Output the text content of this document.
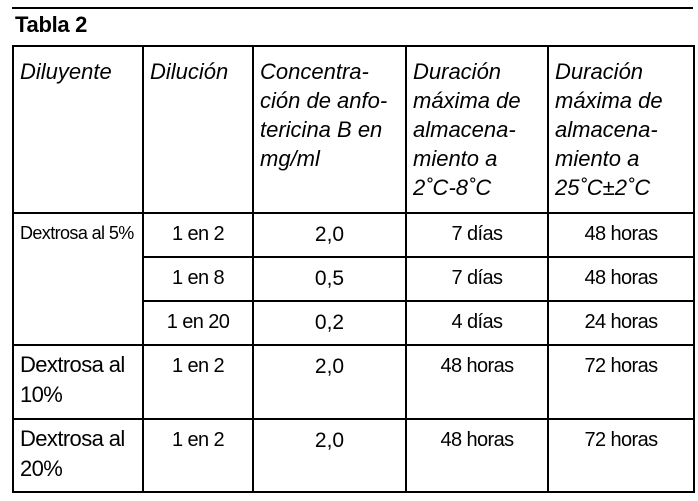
Tabla 2
Diluyente	Dilución	Concentra-
ción de anfo-
tericina B en
mg/ml	Duración
máxima de
almacena-
miento a
2˚C-8˚C	Duración
máxima de
almacena-
miento a
25˚C±2˚C
Dextrosa al 5%	1 en 2	2,0	7 días	48 horas
	1 en 8	0,5	7 días	48 horas
	1 en 20	0,2	4 días	24 horas
Dextrosa al 10%	1 en 2	2,0	48 horas	72 horas
Dextrosa al 20%	1 en 2	2,0	48 horas	72 horas
